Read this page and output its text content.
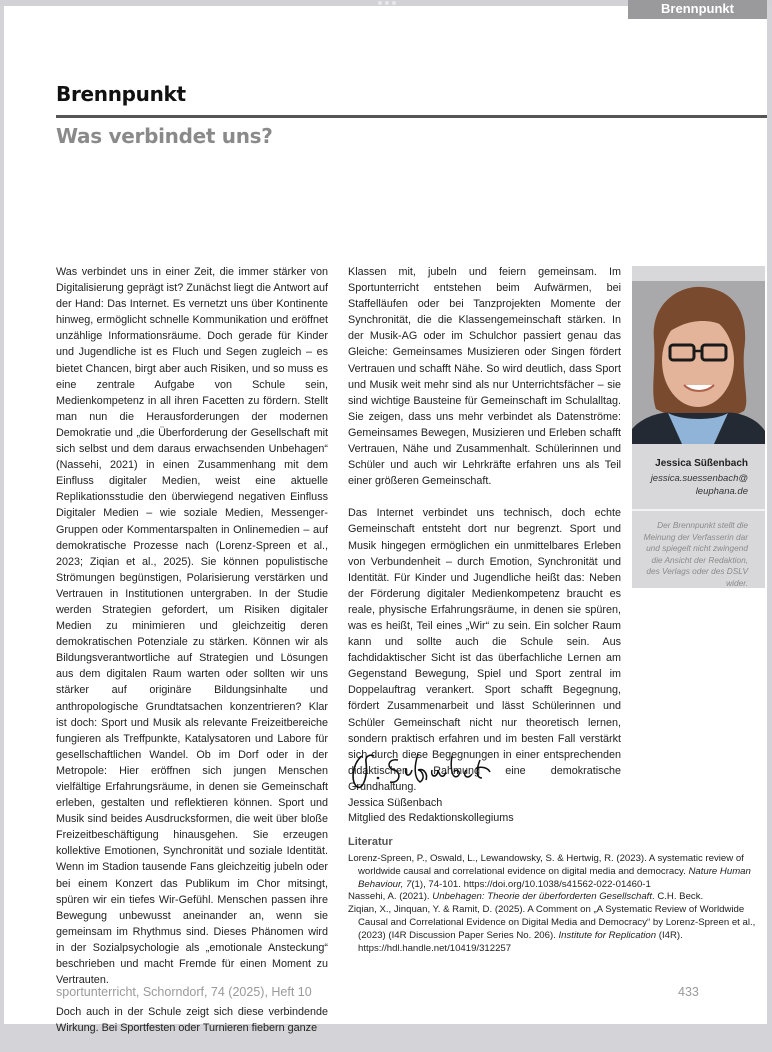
Brennpunkt
Brennpunkt
Was verbindet uns?

Was verbindet uns in einer Zeit, die immer stärker von Digitalisierung geprägt ist? Zunächst liegt die Antwort auf der Hand: Das Internet. Es vernetzt uns über Kontinente hinweg, ermöglicht schnelle Kommunikation und eröffnet unzählige Informationsräume. Doch gerade für Kinder und Jugendliche ist es Fluch und Segen zugleich – es bietet Chancen, birgt aber auch Risiken, und so muss es eine zentrale Aufgabe von Schule sein, Medienkompetenz in all ihren Facetten zu fördern. Stellt man nun die Herausforderungen der modernen Demokratie und „die Überforderung der Gesellschaft mit sich selbst und dem daraus erwachsenden Unbehagen“ (Nassehi, 2021) in einen Zusammenhang mit dem Einfluss digitaler Medien, weist eine aktuelle Replikationsstudie den überwiegend negativen Einfluss Digitaler Medien – wie soziale Medien, Messenger-Gruppen oder Kommentarspalten in Onlinemedien – auf demokratische Prozesse nach (Lorenz-Spreen et al., 2023; Ziqian et al., 2025). Sie können populistische Strömungen begünstigen, Polarisierung verstärken und Vertrauen in Institutionen untergraben. In der Studie werden Strategien gefordert, um Risiken digitaler Medien zu minimieren und gleichzeitig deren demokratischen Potenziale zu stärken. Können wir als Bildungsverantwortliche auf Strategien und Lösungen aus dem digitalen Raum warten oder sollten wir uns stärker auf originäre Bildungsinhalte und anthropologische Grundtatsachen konzentrieren? Klar ist doch: Sport und Musik als relevante Freizeitbereiche fungieren als Treffpunkte, Katalysatoren und Labore für gesellschaftlichen Wandel. Ob im Dorf oder in der Metropole: Hier eröffnen sich jungen Menschen vielfältige Erfahrungsräume, in denen sie Gemeinschaft erleben, gestalten und reflektieren können. Sport und Musik sind beides Ausdrucksformen, die weit über bloße Freizeitbeschäftigung hinausgehen. Sie erzeugen kollektive Emotionen, Synchronität und soziale Identität. Wenn im Stadion tausende Fans gleichzeitig jubeln oder bei einem Konzert das Publikum im Chor mitsingt, spüren wir ein tiefes Wir-Gefühl. Menschen passen ihre Bewegung unbewusst aneinander an, wenn sie gemeinsam im Rhythmus sind. Dieses Phänomen wird in der Sozialpsychologie als „emotionale Ansteckung“ beschrieben und macht Fremde für einen Moment zu Vertrauten.

Doch auch in der Schule zeigt sich diese verbindende Wirkung. Bei Sportfesten oder Turnieren fiebern ganze

Klassen mit, jubeln und feiern gemeinsam. Im Sportunterricht entstehen beim Aufwärmen, bei Staffelläufen oder bei Tanzprojekten Momente der Synchronität, die die Klassengemeinschaft stärken. In der Musik-AG oder im Schulchor passiert genau das Gleiche: Gemeinsames Musizieren oder Singen fördert Vertrauen und schafft Nähe. So wird deutlich, dass Sport und Musik weit mehr sind als nur Unterrichtsfächer – sie sind wichtige Bausteine für Gemeinschaft im Schulalltag. Sie zeigen, dass uns mehr verbindet als Datenströme: Gemeinsames Bewegen, Musizieren und Erleben schafft Vertrauen, Nähe und Zusammenhalt. Schülerinnen und Schüler und auch wir Lehrkräfte erfahren uns als Teil einer größeren Gemeinschaft.

Das Internet verbindet uns technisch, doch echte Gemeinschaft entsteht dort nur begrenzt. Sport und Musik hingegen ermöglichen ein unmittelbares Erleben von Verbundenheit – durch Emotion, Synchronität und Identität. Für Kinder und Jugendliche heißt das: Neben der Förderung digitaler Medienkompetenz braucht es reale, physische Erfahrungsräume, in denen sie spüren, was es heißt, Teil eines „Wir“ zu sein. Ein solcher Raum kann und sollte auch die Schule sein. Aus fachdidaktischer Sicht ist das überfachliche Lernen am Gegenstand Bewegung, Spiel und Sport zentral im Doppelauftrag verankert. Sport schafft Begegnung, fördert Zusammenarbeit und lässt Schülerinnen und Schüler Gemeinschaft nicht nur theoretisch lernen, sondern praktisch erfahren und im besten Fall verstärkt sich durch diese Begegnungen in einer entsprechenden didaktischen Rahmung eine demokratische Grundhaltung.

Jessica Süßenbach
Mitglied des Redaktionskollegiums
Literatur

Lorenz-Spreen, P., Oswald, L., Lewandowsky, S. & Hertwig, R. (2023). A systematic review of worldwide causal and correlational evidence on digital media and democracy. Nature Human Behaviour, 7(1), 74-101. https://doi.org/10.1038/s41562-022-01460-1

Nassehi, A. (2021). Unbehagen: Theorie der überforderten Gesellschaft. C.H. Beck.

Ziqian, X., Jinquan, Y. & Ramit, D. (2025). A Comment on „A Systematic Review of Worldwide Causal and Correlational Evidence on Digital Media and Democracy“ by Lorenz-Spreen et al., (2023) (I4R Discussion Paper Series No. 206). Institute for Replication (I4R). https://hdl.handle.net/10419/312257

Jessica Süßenbach
jessica.suessenbach@
leuphana.de
Der Brennpunkt stellt die Meinung der Verfasserin dar und spiegelt nicht zwingend die Ansicht der Redaktion, des Verlags oder des DSLV wider.
sportunterricht, Schorndorf, 74 (2025), Heft 10	433
